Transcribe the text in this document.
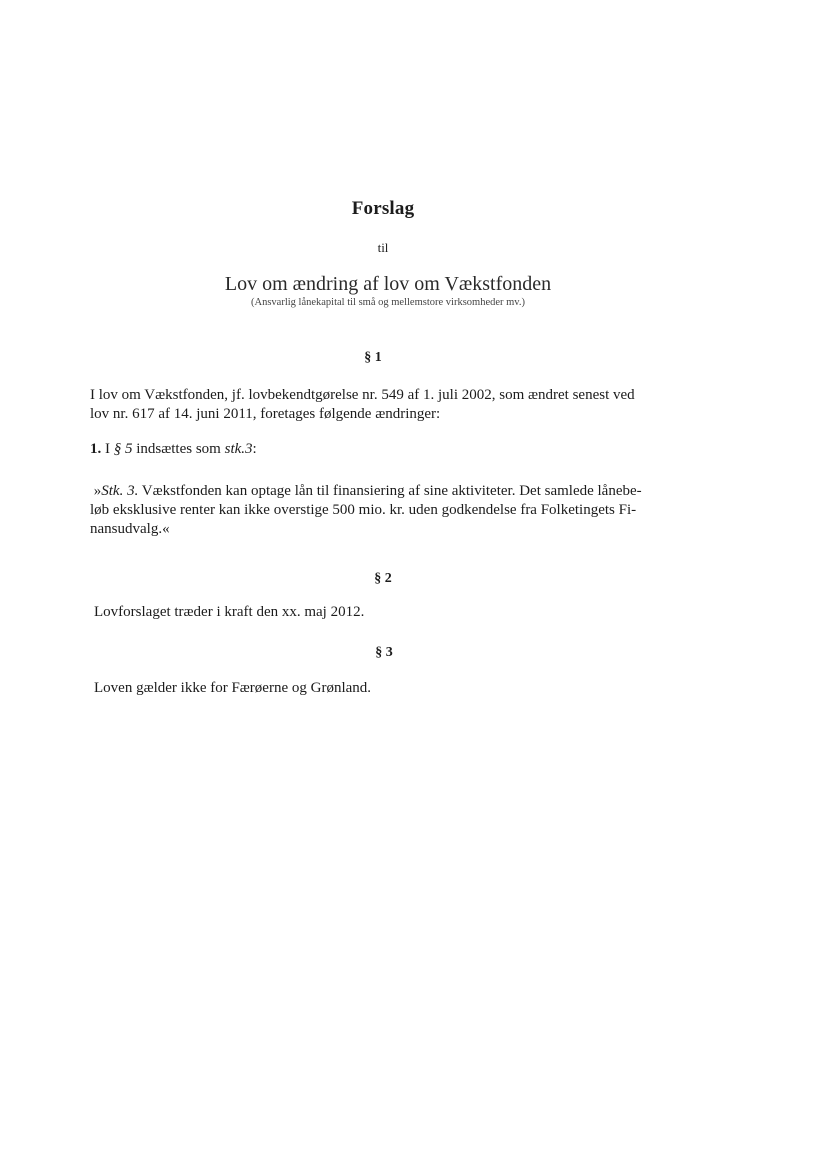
Forslag

til

Lov om ændring af lov om Vækstfonden

(Ansvarlig lånekapital til små og mellemstore virksomheder mv.)

§ 1

I lov om Vækstfonden, jf. lovbekendtgørelse nr. 549 af 1. juli 2002, som ændret senest ved
lov nr. 617 af 14. juni 2011, foretages følgende ændringer:
1. I § 5 indsættes som stk.3:
»Stk. 3. Vækstfonden kan optage lån til finansiering af sine aktiviteter. Det samlede lånebe-
løb eksklusive renter kan ikke overstige 500 mio. kr. uden godkendelse fra Folketingets Fi-
nansudvalg.«

§ 2

Lovforslaget træder i kraft den xx. maj 2012.

§ 3

Loven gælder ikke for Færøerne og Grønland.
